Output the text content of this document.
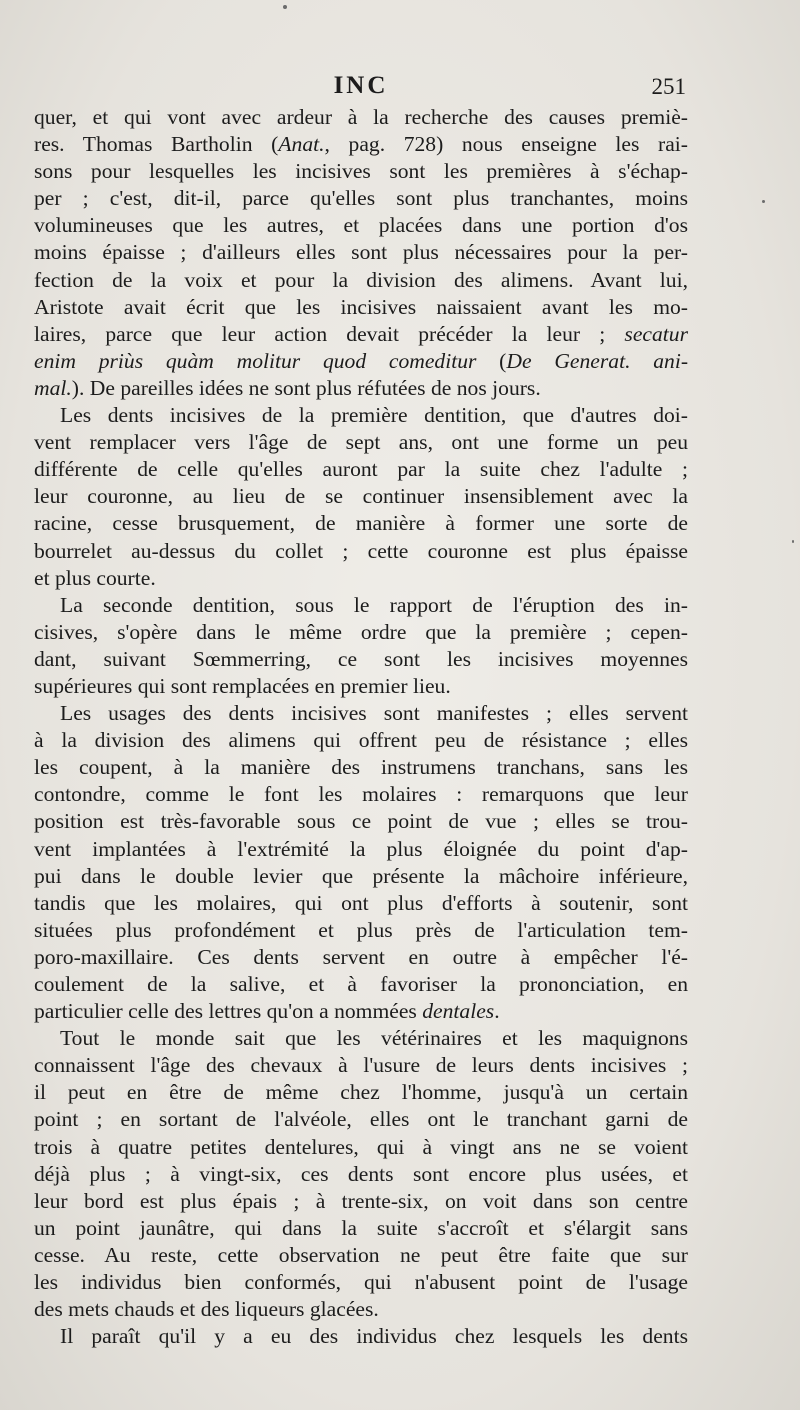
INC	251
quer, et qui vont avec ardeur à la recherche des causes premiè-
res. Thomas Bartholin (Anat., pag. 728) nous enseigne les rai-
sons pour lesquelles les incisives sont les premières à s'échap-
per ; c'est, dit-il, parce qu'elles sont plus tranchantes, moins
volumineuses que les autres, et placées dans une portion d'os
moins épaisse ; d'ailleurs elles sont plus nécessaires pour la per-
fection de la voix et pour la division des alimens. Avant lui,
Aristote avait écrit que les incisives naissaient avant les mo-
laires, parce que leur action devait précéder la leur ; secatur
enim priùs quàm molitur quod comeditur (De Generat. ani-
mal.). De pareilles idées ne sont plus réfutées de nos jours.
Les dents incisives de la première dentition, que d'autres doi-
vent remplacer vers l'âge de sept ans, ont une forme un peu
différente de celle qu'elles auront par la suite chez l'adulte ;
leur couronne, au lieu de se continuer insensiblement avec la
racine, cesse brusquement, de manière à former une sorte de
bourrelet au-dessus du collet ; cette couronne est plus épaisse
et plus courte.
La seconde dentition, sous le rapport de l'éruption des in-
cisives, s'opère dans le même ordre que la première ; cepen-
dant, suivant Sœmmerring, ce sont les incisives moyennes
supérieures qui sont remplacées en premier lieu.
Les usages des dents incisives sont manifestes ; elles servent
à la division des alimens qui offrent peu de résistance ; elles
les coupent, à la manière des instrumens tranchans, sans les
contondre, comme le font les molaires : remarquons que leur
position est très-favorable sous ce point de vue ; elles se trou-
vent implantées à l'extrémité la plus éloignée du point d'ap-
pui dans le double levier que présente la mâchoire inférieure,
tandis que les molaires, qui ont plus d'efforts à soutenir, sont
situées plus profondément et plus près de l'articulation tem-
poro-maxillaire. Ces dents servent en outre à empêcher l'é-
coulement de la salive, et à favoriser la prononciation, en
particulier celle des lettres qu'on a nommées dentales.
Tout le monde sait que les vétérinaires et les maquignons
connaissent l'âge des chevaux à l'usure de leurs dents incisives ;
il peut en être de même chez l'homme, jusqu'à un certain
point ; en sortant de l'alvéole, elles ont le tranchant garni de
trois à quatre petites dentelures, qui à vingt ans ne se voient
déjà plus ; à vingt-six, ces dents sont encore plus usées, et
leur bord est plus épais ; à trente-six, on voit dans son centre
un point jaunâtre, qui dans la suite s'accroît et s'élargit sans
cesse. Au reste, cette observation ne peut être faite que sur
les individus bien conformés, qui n'abusent point de l'usage
des mets chauds et des liqueurs glacées.
Il paraît qu'il y a eu des individus chez lesquels les dents
